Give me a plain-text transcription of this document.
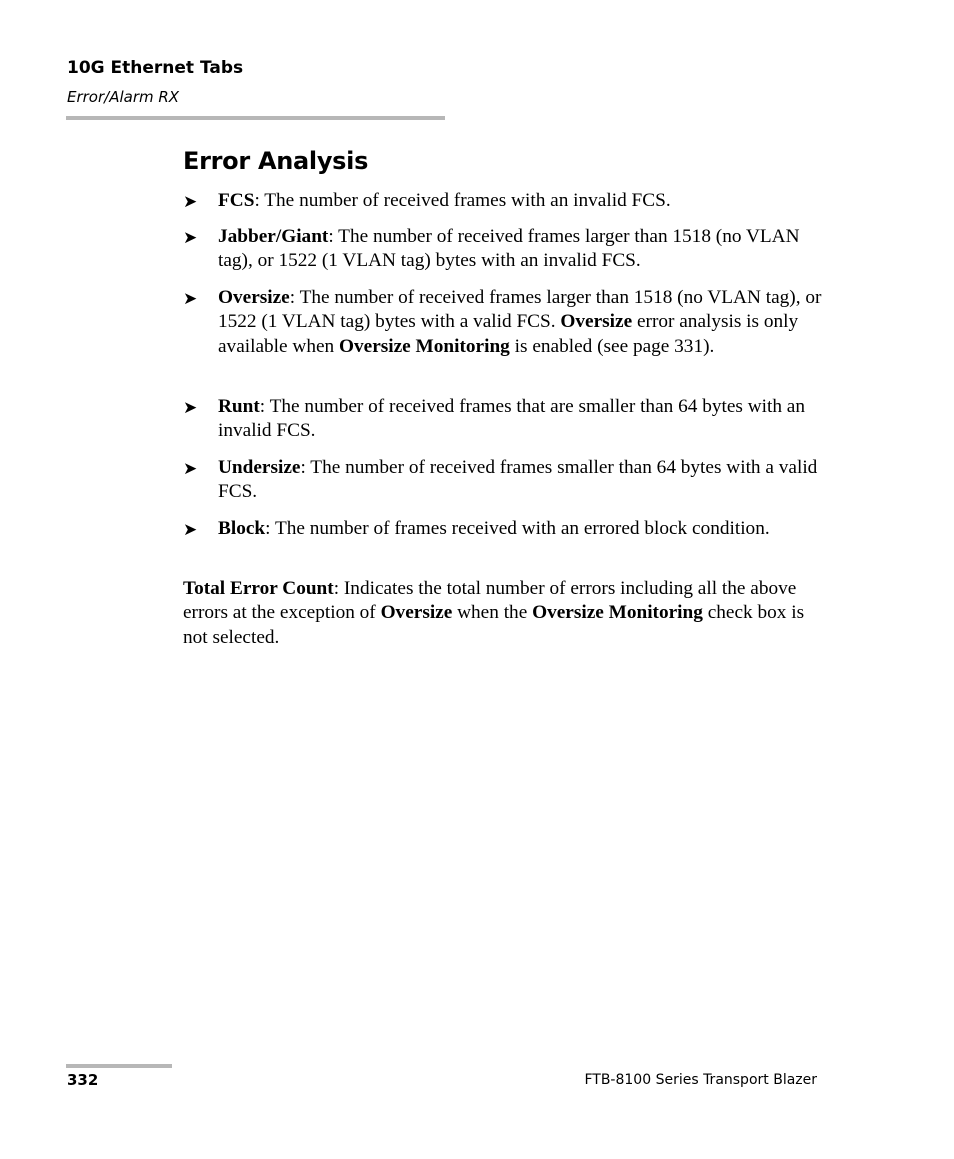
10G Ethernet Tabs
Error/Alarm RX
Error Analysis
➤ FCS: The number of received frames with an invalid FCS.
➤ Jabber/Giant: The number of received frames larger than 1518 (no VLAN tag), or 1522 (1 VLAN tag) bytes with an invalid FCS.
➤ Oversize: The number of received frames larger than 1518 (no VLAN tag), or 1522 (1 VLAN tag) bytes with a valid FCS. Oversize error analysis is only available when Oversize Monitoring is enabled (see page 331).
➤ Runt: The number of received frames that are smaller than 64 bytes with an invalid FCS.
➤ Undersize: The number of received frames smaller than 64 bytes with a valid FCS.
➤ Block: The number of frames received with an errored block condition.
Total Error Count: Indicates the total number of errors including all the above errors at the exception of Oversize when the Oversize Monitoring check box is not selected.
332	FTB-8100 Series Transport Blazer
